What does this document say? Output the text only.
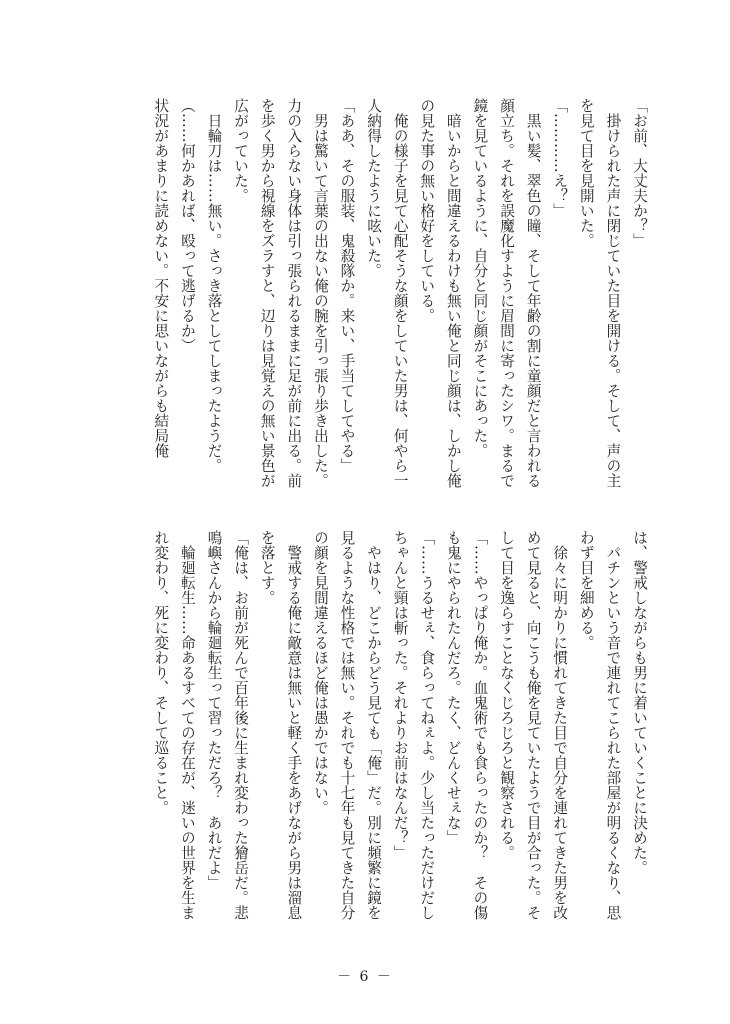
「お前、大丈夫か？」
　掛けられた声に閉じていた目を開ける。そして、声の主
を見て目を見開いた。
「…………え？」
　黒い髪、翠色の瞳、そして年齢の割に童顔だと言われる
顔立ち。それを誤魔化すように眉間に寄ったシワ。まるで
鏡を見ているように、自分と同じ顔がそこにあった。
　暗いからと間違えるわけも無い俺と同じ顔は、しかし俺
の見た事の無い格好をしている。
　俺の様子を見て心配そうな顔をしていた男は、何やら一
人納得したように呟いた。
「ああ、その服装、鬼殺隊か。来い、手当てしてやる」
　男は驚いて言葉の出ない俺の腕を引っ張り歩き出した。
力の入らない身体は引っ張られるままに足が前に出る。前
を歩く男から視線をズラすと、辺りは見覚えの無い景色が
広がっていた。
　日輪刀は……無い。さっき落としてしまったようだ。
（……何かあれば、殴って逃げるか）
状況があまりに読めない。不安に思いながらも結局俺
は、警戒しながらも男に着いていくことに決めた。
　パチンという音で連れてこられた部屋が明るくなり、思
わず目を細める。
　徐々に明かりに慣れてきた目で自分を連れてきた男を改
めて見ると、向こうも俺を見ていたようで目が合った。そ
して目を逸らすことなくじろじろと観察される。
「……やっぱり俺か。血鬼術でも食らったのか？　その傷
も鬼にやられたんだろ。たく、どんくせぇな」
「……うるせぇ、食らってねぇよ。少し当たっただけだし
ちゃんと頸は斬った。それよりお前はなんだ？」
　やはり、どこからどう見ても「俺」だ。別に頻繁に鏡を
見るような性格では無い。それでも十七年も見てきた自分
の顔を見間違えるほど俺は愚かではない。
　警戒する俺に敵意は無いと軽く手をあげながら男は溜息
を落とす。
「俺は、お前が死んで百年後に生まれ変わった獪岳だ。悲
鳴嶼さんから輪廻転生って習っただろ？　あれだよ」
　輪廻転生……命あるすべての存在が、迷いの世界を生ま
れ変わり、死に変わり、そして巡ること。
－ 6 －
